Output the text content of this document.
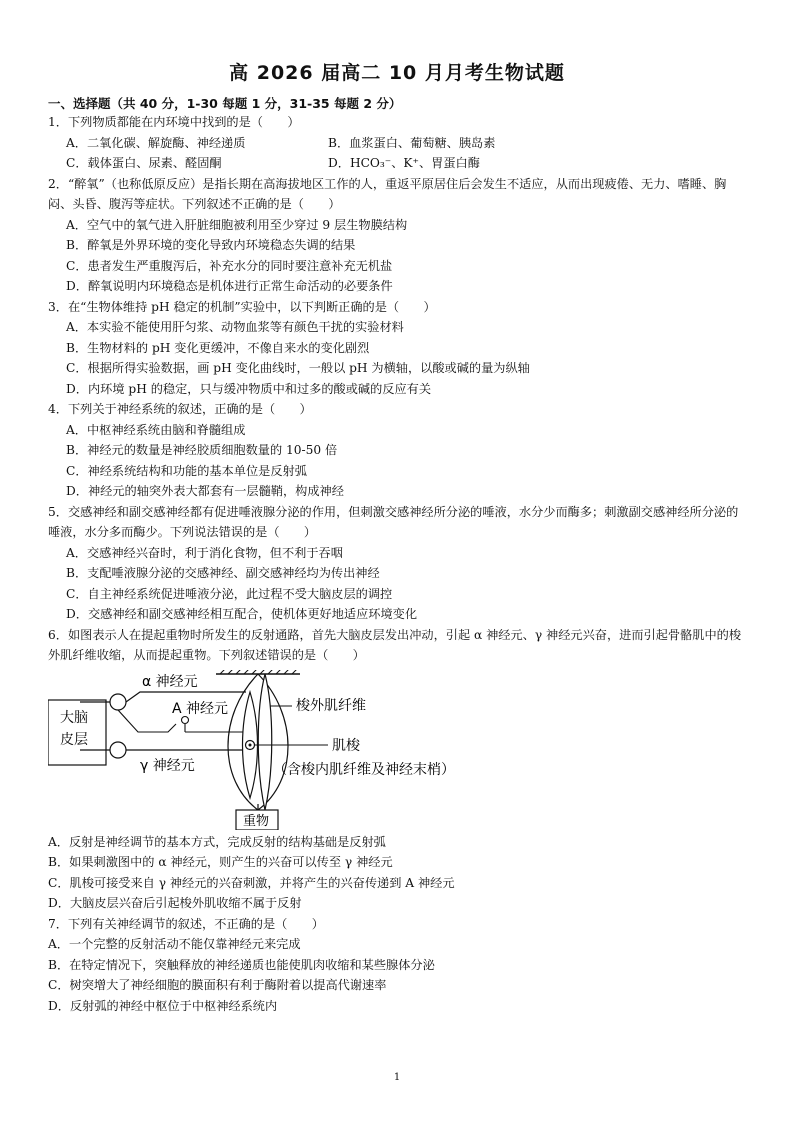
高 2026 届高二 10 月月考生物试题
一、选择题（共 40 分，1-30 每题 1 分，31-35 每题 2 分）
1．下列物质都能在内环境中找到的是（　　）
A．二氧化碳、解旋酶、神经递质	B．血浆蛋白、葡萄糖、胰岛素
C．载体蛋白、尿素、醛固酮	D．HCO₃⁻、K⁺、胃蛋白酶
2．“醉氧”（也称低原反应）是指长期在高海拔地区工作的人，重返平原居住后会发生不适应，从而出现疲倦、无力、嗜睡、胸闷、头昏、腹泻等症状。下列叙述不正确的是（　　）
A．空气中的氧气进入肝脏细胞被利用至少穿过 9 层生物膜结构
B．醉氧是外界环境的变化导致内环境稳态失调的结果
C．患者发生严重腹泻后，补充水分的同时要注意补充无机盐
D．醉氧说明内环境稳态是机体进行正常生命活动的必要条件
3．在“生物体维持 pH 稳定的机制”实验中，以下判断正确的是（　　）
A．本实验不能使用肝匀浆、动物血浆等有颜色干扰的实验材料
B．生物材料的 pH 变化更缓冲，不像自来水的变化剧烈
C．根据所得实验数据，画 pH 变化曲线时，一般以 pH 为横轴，以酸或碱的量为纵轴
D．内环境 pH 的稳定，只与缓冲物质中和过多的酸或碱的反应有关
4．下列关于神经系统的叙述，正确的是（　　）
A．中枢神经系统由脑和脊髓组成
B．神经元的数量是神经胶质细胞数量的 10-50 倍
C．神经系统结构和功能的基本单位是反射弧
D．神经元的轴突外表大都套有一层髓鞘，构成神经
5．交感神经和副交感神经都有促进唾液腺分泌的作用，但刺激交感神经所分泌的唾液，水分少而酶多；刺激副交感神经所分泌的唾液，水分多而酶少。下列说法错误的是（　　）
A．交感神经兴奋时，利于消化食物，但不利于吞咽
B．支配唾液腺分泌的交感神经、副交感神经均为传出神经
C．自主神经系统促进唾液分泌，此过程不受大脑皮层的调控
D．交感神经和副交感神经相互配合，使机体更好地适应环境变化
6．如图表示人在提起重物时所发生的反射通路，首先大脑皮层发出冲动，引起 α 神经元、γ 神经元兴奋，进而引起骨骼肌中的梭外肌纤维收缩，从而提起重物。下列叙述错误的是（　　）
大脑
皮层
α 神经元
A 神经元
γ 神经元
梭外肌纤维
肌梭
（含梭内肌纤维及神经末梢）
重物
A．反射是神经调节的基本方式，完成反射的结构基础是反射弧
B．如果刺激图中的 α 神经元，则产生的兴奋可以传至 γ 神经元
C．肌梭可接受来自 γ 神经元的兴奋刺激，并将产生的兴奋传递到 A 神经元
D．大脑皮层兴奋后引起梭外肌收缩不属于反射
7．下列有关神经调节的叙述，不正确的是（　　）
A．一个完整的反射活动不能仅靠神经元来完成
B．在特定情况下，突触释放的神经递质也能使肌肉收缩和某些腺体分泌
C．树突增大了神经细胞的膜面积有利于酶附着以提高代谢速率
D．反射弧的神经中枢位于中枢神经系统内
1
